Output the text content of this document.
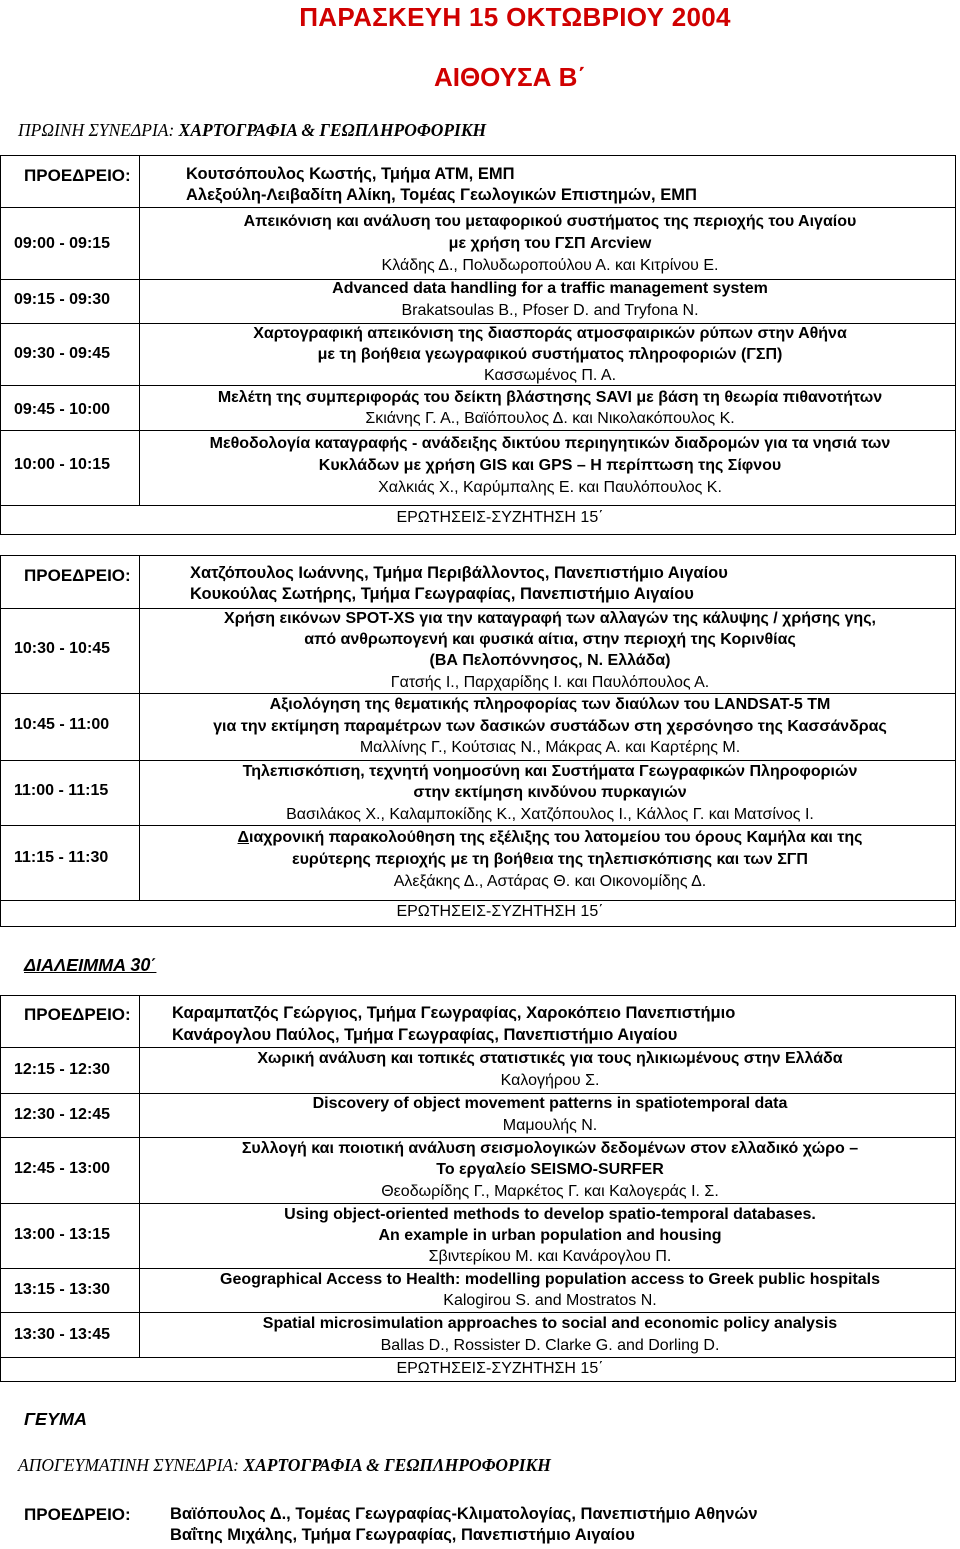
ΠΑΡΑΣΚΕΥΗ 15 ΟΚΤΩΒΡΙΟΥ 2004
ΑΙΘΟΥΣΑ Β΄
ΠΡΩΙΝΗ ΣΥΝΕΔΡΙΑ: ΧΑΡΤΟΓΡΑΦΙΑ & ΓΕΩΠΛΗΡΟΦΟΡΙΚΗ
ΠΡΟΕΔΡΕΙΟ:	Κουτσόπουλος Κωστής, Τμήμα ΑΤΜ, ΕΜΠ
Αλεξούλη-Λειβαδίτη Αλίκη, Τομέας Γεωλογικών Επιστημών, ΕΜΠ
09:00 - 09:15
Απεικόνιση και ανάλυση του μεταφορικού συστήματος της περιοχής του Αιγαίου
με χρήση του ΓΣΠ Arcview
Κλάδης Δ., Πολυδωροπούλου Α. και Κιτρίνου Ε.
09:15 - 09:30
Advanced data handling for a traffic management system
Brakatsoulas B., Pfoser D. and Tryfona N.
09:30 - 09:45
Χαρτογραφική απεικόνιση της διασποράς ατμοσφαιρικών ρύπων στην Αθήνα
με τη βοήθεια γεωγραφικού συστήματος πληροφοριών (ΓΣΠ)
Κασσωμένος Π. Α.
09:45 - 10:00
Μελέτη της συμπεριφοράς του δείκτη βλάστησης SAVI με βάση τη θεωρία πιθανοτήτων
Σκιάνης Γ. Α., Βαϊόπουλος Δ. και Νικολακόπουλος Κ.
10:00 - 10:15
Μεθοδολογία καταγραφής - ανάδειξης δικτύου περιηγητικών διαδρομών για τα νησιά των
Κυκλάδων με χρήση GIS και GPS – Η περίπτωση της Σίφνου
Χαλκιάς Χ., Καρύμπαλης Ε. και Παυλόπουλος Κ.
ΕΡΩΤΗΣΕΙΣ-ΣΥΖΗΤΗΣΗ 15΄
ΠΡΟΕΔΡΕΙΟ:	Χατζόπουλος Ιωάννης, Τμήμα Περιβάλλοντος, Πανεπιστήμιο Αιγαίου
Κουκούλας Σωτήρης, Τμήμα Γεωγραφίας, Πανεπιστήμιο Αιγαίου
10:30 - 10:45
Χρήση εικόνων SPOT-XS για την καταγραφή των αλλαγών της κάλυψης / χρήσης γης,
από ανθρωπογενή και φυσικά αίτια, στην περιοχή της Κορινθίας
(ΒΑ Πελοπόννησος, Ν. Ελλάδα)
Γατσής Ι., Παρχαρίδης Ι. και Παυλόπουλος Α.
10:45 - 11:00
Αξιολόγηση της θεματικής πληροφορίας των διαύλων του LANDSAT-5 TM
για την εκτίμηση παραμέτρων των δασικών συστάδων στη χερσόνησο της Κασσάνδρας
Μαλλίνης Γ., Κούτσιας Ν., Μάκρας Α. και Καρτέρης Μ.
11:00 - 11:15
Τηλεπισκόπιση, τεχνητή νοημοσύνη και Συστήματα Γεωγραφικών Πληροφοριών
στην εκτίμηση κινδύνου πυρκαγιών
Βασιλάκος Χ., Καλαμποκίδης Κ., Χατζόπουλος Ι., Κάλλος Γ. και Ματσίνος Ι.
11:15 - 11:30
Διαχρονική παρακολούθηση της εξέλιξης του λατομείου του όρους Καμήλα και της
ευρύτερης περιοχής με τη βοήθεια της τηλεπισκόπισης και των ΣΓΠ
Αλεξάκης Δ., Αστάρας Θ. και Οικονομίδης Δ.
ΕΡΩΤΗΣΕΙΣ-ΣΥΖΗΤΗΣΗ 15΄
ΔΙΑΛΕΙΜΜΑ 30΄
ΠΡΟΕΔΡΕΙΟ:	Καραμπατζός Γεώργιος, Τμήμα Γεωγραφίας, Χαροκόπειο Πανεπιστήμιο
Κανάρογλου Παύλος, Τμήμα Γεωγραφίας, Πανεπιστήμιο Αιγαίου
12:15 - 12:30
Χωρική ανάλυση και τοπικές στατιστικές για τους ηλικιωμένους στην Ελλάδα
Καλογήρου Σ.
12:30 - 12:45
Discovery of object movement patterns in spatiotemporal data
Μαμουλής Ν.
12:45 - 13:00
Συλλογή και ποιοτική ανάλυση σεισμολογικών δεδομένων στον ελλαδικό χώρο –
Το εργαλείο SEISMO-SURFER
Θεοδωρίδης Γ., Μαρκέτος Γ. και Καλογεράς Ι. Σ.
13:00 - 13:15
Using object-oriented methods to develop spatio-temporal databases.
An example in urban population and housing
Σβιντερίκου Μ. και Κανάρογλου Π.
13:15 - 13:30
Geographical Access to Health: modelling population access to Greek public hospitals
Kalogirou S. and Mostratos N.
13:30 - 13:45
Spatial microsimulation approaches to social and economic policy analysis
Ballas D., Rossister D. Clarke G. and Dorling D.
ΕΡΩΤΗΣΕΙΣ-ΣΥΖΗΤΗΣΗ 15΄
ΓΕΥΜΑ
ΑΠΟΓΕΥΜΑΤΙΝΗ ΣΥΝΕΔΡΙΑ: ΧΑΡΤΟΓΡΑΦΙΑ & ΓΕΩΠΛΗΡΟΦΟΡΙΚΗ
ΠΡΟΕΔΡΕΙΟ: Βαϊόπουλος Δ., Τομέας Γεωγραφίας-Κλιματολογίας, Πανεπιστήμιο Αθηνών
Βαΐτης Μιχάλης, Τμήμα Γεωγραφίας, Πανεπιστήμιο Αιγαίου
